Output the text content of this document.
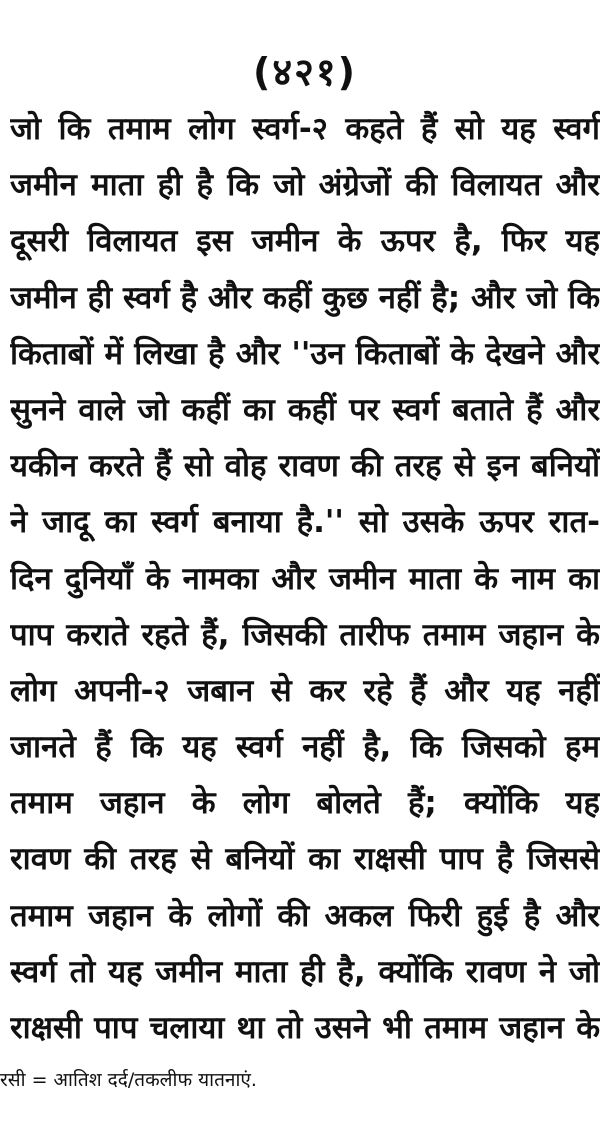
(४२१)
जो कि तमाम लोग स्वर्ग-२ कहते हैं सो यह स्वर्ग
जमीन माता ही है कि जो अंग्रेजों की विलायत और
दूसरी विलायत इस जमीन के ऊपर है, फिर यह
जमीन ही स्वर्ग है और कहीं कुछ नहीं है; और जो कि
किताबों में लिखा है और ''उन किताबों के देखने और
सुनने वाले जो कहीं का कहीं पर स्वर्ग बताते हैं और
यकीन करते हैं सो वोह रावण की तरह से इन बनियों
ने जादू का स्वर्ग बनाया है.'' सो उसके ऊपर रात-
दिन दुनियाँ के नामका और जमीन माता के नाम का
पाप कराते रहते हैं, जिसकी तारीफ तमाम जहान के
लोग अपनी-२ जबान से कर रहे हैं और यह नहीं
जानते हैं कि यह स्वर्ग नहीं है, कि जिसको हम
तमाम जहान के लोग बोलते हैं; क्योंकि यह
रावण की तरह से बनियों का राक्षसी पाप है जिससे
तमाम जहान के लोगों की अकल फिरी हुई है और
स्वर्ग तो यह जमीन माता ही है, क्योंकि रावण ने जो
राक्षसी पाप चलाया था तो उसने भी तमाम जहान के
रसी = आतिश दर्द/तकलीफ यातनाएं.
